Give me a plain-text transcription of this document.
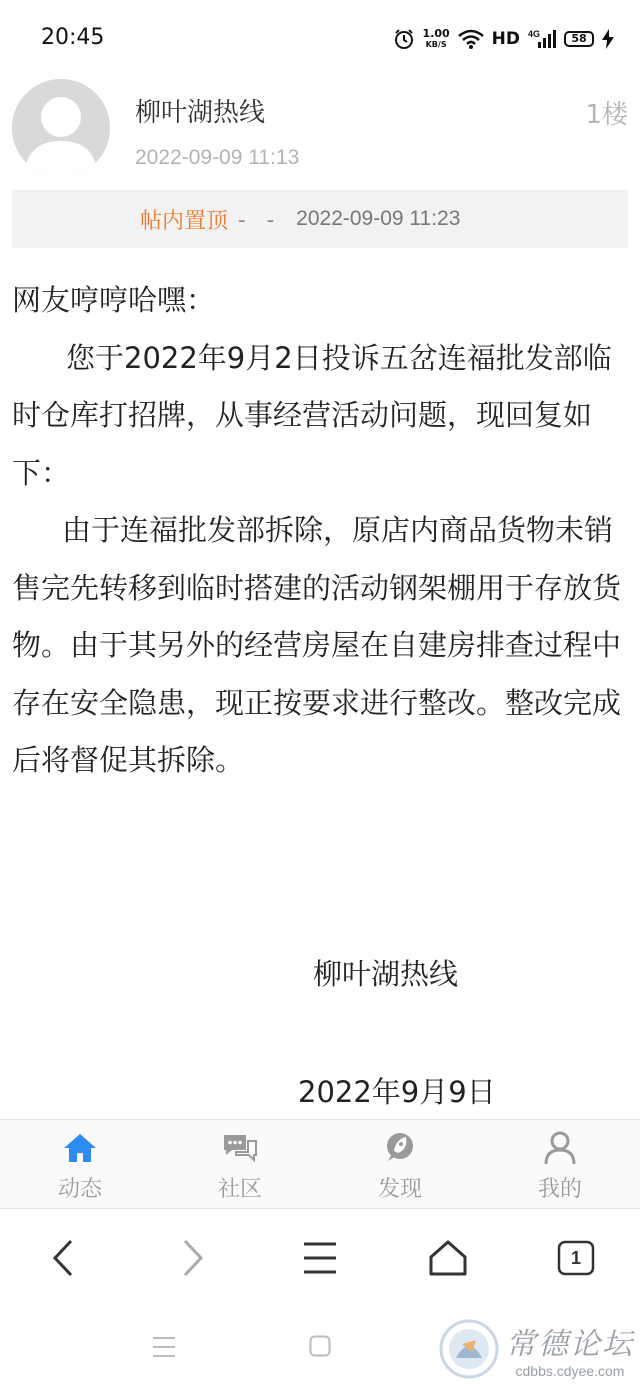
20:45	1.00
KB/S	HD 4G	58
柳叶湖热线	1楼
2022-09-09 11:13
帖内置顶 -　- 2022-09-09 11:23

网友哼哼哈嘿：

您于2022年9月2日投诉五岔连福批发部临时仓库打招牌，从事经营活动问题，现回复如下：

由于连福批发部拆除，原店内商品货物未销售完先转移到临时搭建的活动钢架棚用于存放货物。由于其另外的经营房屋在自建房排查过程中存在安全隐患，现正按要求进行整改。整改完成后将督促其拆除。

柳叶湖热线
2022年9月9日
动态	社区	发现	我的
1
常德论坛
cdbbs.cdyee.com
